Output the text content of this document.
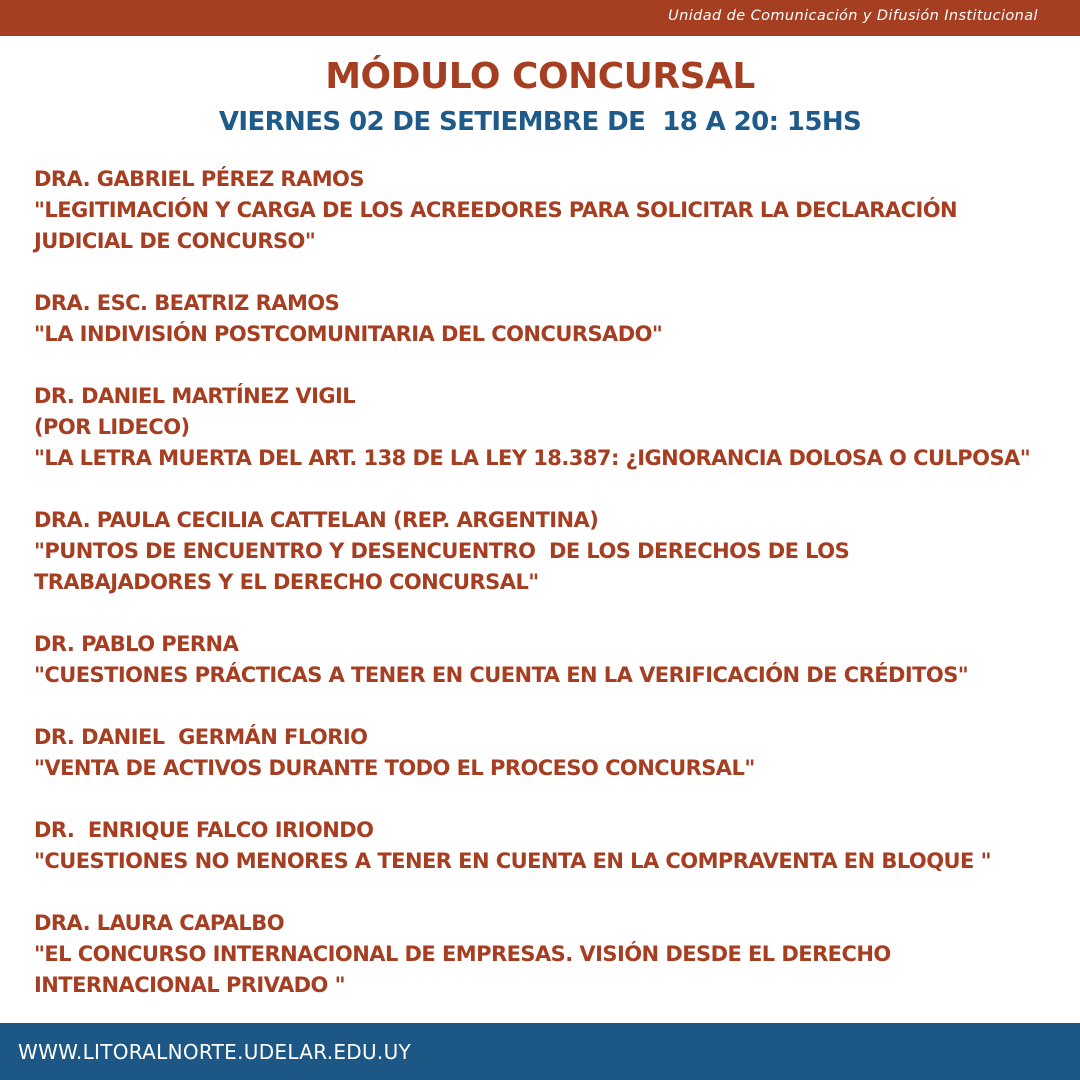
Unidad de Comunicación y Difusión Institucional
MÓDULO CONCURSAL
VIERNES 02 DE SETIEMBRE DE  18 A 20: 15HS
DRA. GABRIEL PÉREZ RAMOS
"LEGITIMACIÓN Y CARGA DE LOS ACREEDORES PARA SOLICITAR LA DECLARACIÓN
JUDICIAL DE CONCURSO"
DRA. ESC. BEATRIZ RAMOS
"LA INDIVISIÓN POSTCOMUNITARIA DEL CONCURSADO"
DR. DANIEL MARTÍNEZ VIGIL
(POR LIDECO)
"LA LETRA MUERTA DEL ART. 138 DE LA LEY 18.387: ¿IGNORANCIA DOLOSA O CULPOSA"
DRA. PAULA CECILIA CATTELAN (REP. ARGENTINA)
"PUNTOS DE ENCUENTRO Y DESENCUENTRO  DE LOS DERECHOS DE LOS
TRABAJADORES Y EL DERECHO CONCURSAL"
DR. PABLO PERNA
"CUESTIONES PRÁCTICAS A TENER EN CUENTA EN LA VERIFICACIÓN DE CRÉDITOS"
DR. DANIEL  GERMÁN FLORIO
"VENTA DE ACTIVOS DURANTE TODO EL PROCESO CONCURSAL"
DR.  ENRIQUE FALCO IRIONDO
"CUESTIONES NO MENORES A TENER EN CUENTA EN LA COMPRAVENTA EN BLOQUE "
DRA. LAURA CAPALBO
"EL CONCURSO INTERNACIONAL DE EMPRESAS. VISIÓN DESDE EL DERECHO
INTERNACIONAL PRIVADO "
WWW.LITORALNORTE.UDELAR.EDU.UY
